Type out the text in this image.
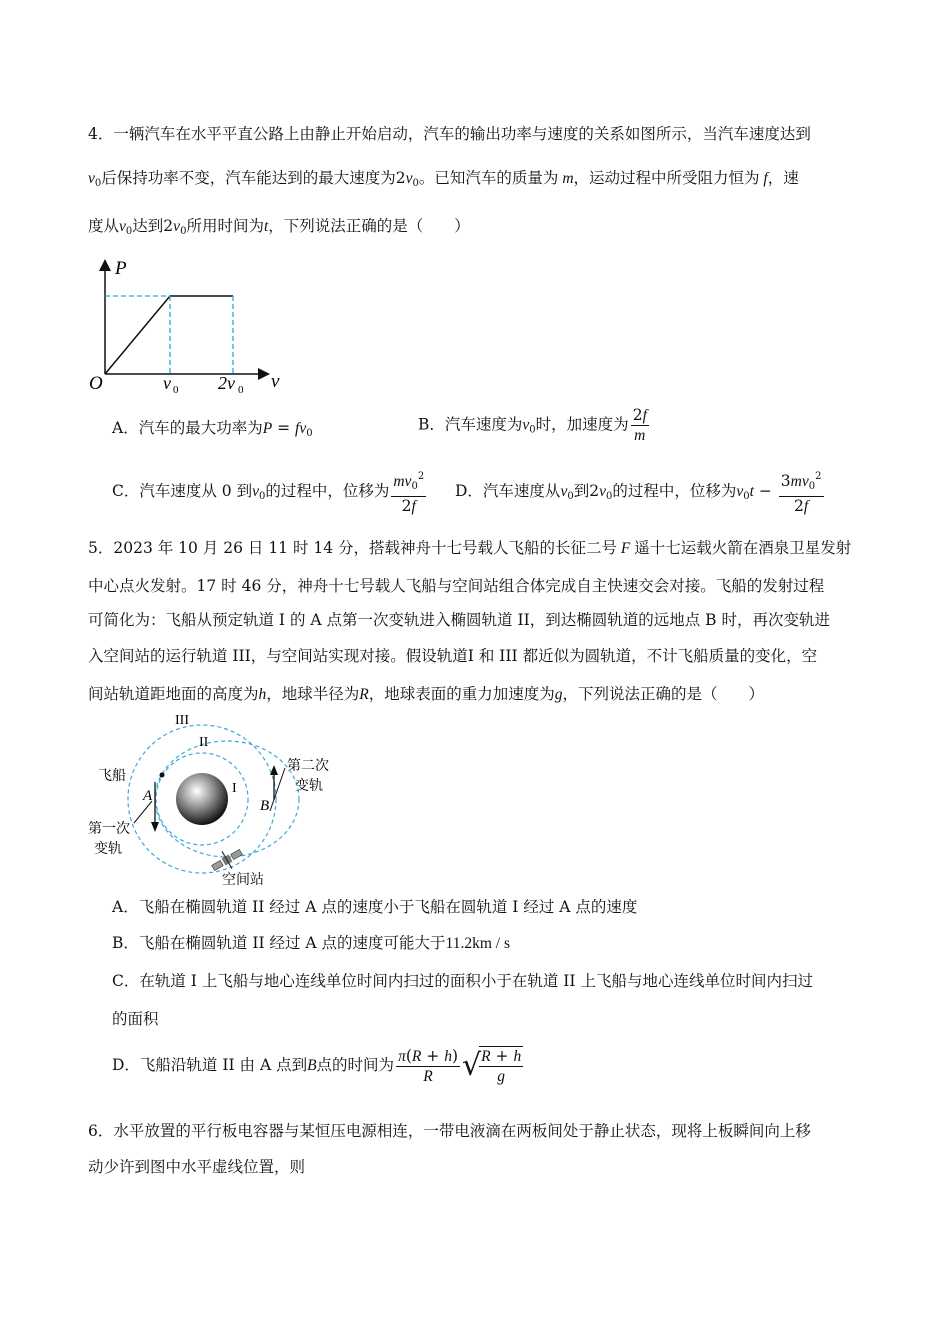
4．一辆汽车在水平平直公路上由静止开始启动，汽车的输出功率与速度的关系如图所示，当汽车速度达到
$v_0$后保持功率不变，汽车能达到的最大速度为$2v_0$。已知汽车的质量为 m，运动过程中所受阻力恒为 f，速
度从$v_0$达到$2v_0$所用时间为t，下列说法正确的是（　　）
P
v
O	v 0 2v 0
A．汽车的最大功率为$P = fv_0$	B．汽车速度为$v_0$时，加速度为 $\frac{2f}{m}$
C．汽车速度从 0 到$v_0$的过程中，位移为 $\frac{mv_0^2}{2f}$ D．汽车速度从$v_0$到$2v_0$的过程中，位移为$v_0t - \frac{3mv_0^2}{2f}$
5．2023 年 10 月 26 日 11 时 14 分，搭载神舟十七号载人飞船的长征二号 F 遥十七运载火箭在酒泉卫星发射
中心点火发射。17 时 46 分，神舟十七号载人飞船与空间站组合体完成自主快速交会对接。飞船的发射过程
可简化为：飞船从预定轨道 I 的 A 点第一次变轨进入椭圆轨道 II，到达椭圆轨道的远地点 B 时，再次变轨进
入空间站的运行轨道 III，与空间站实现对接。假设轨道I 和 III 都近似为圆轨道，不计飞船质量的变化，空
间站轨道距地面的高度为h，地球半径为R，地球表面的重力加速度为g，下列说法正确的是（　　）
III
II
I
飞船
A
B
第二次
变轨
第一次
变轨
空间站
A．飞船在椭圆轨道 II 经过 A 点的速度小于飞船在圆轨道 I 经过 A 点的速度
B．飞船在椭圆轨道 II 经过 A 点的速度可能大于11.2km / s
C．在轨道 I 上飞船与地心连线单位时间内扫过的面积小于在轨道 II 上飞船与地心连线单位时间内扫过
的面积
D．飞船沿轨道 II 由 A 点到B点的时间为 $\frac{\pi(R + h)}{R}$ √
$\frac{R + h}{g}$
6．水平放置的平行板电容器与某恒压电源相连，一带电液滴在两板间处于静止状态，现将上板瞬间向上移
动少许到图中水平虚线位置，则
